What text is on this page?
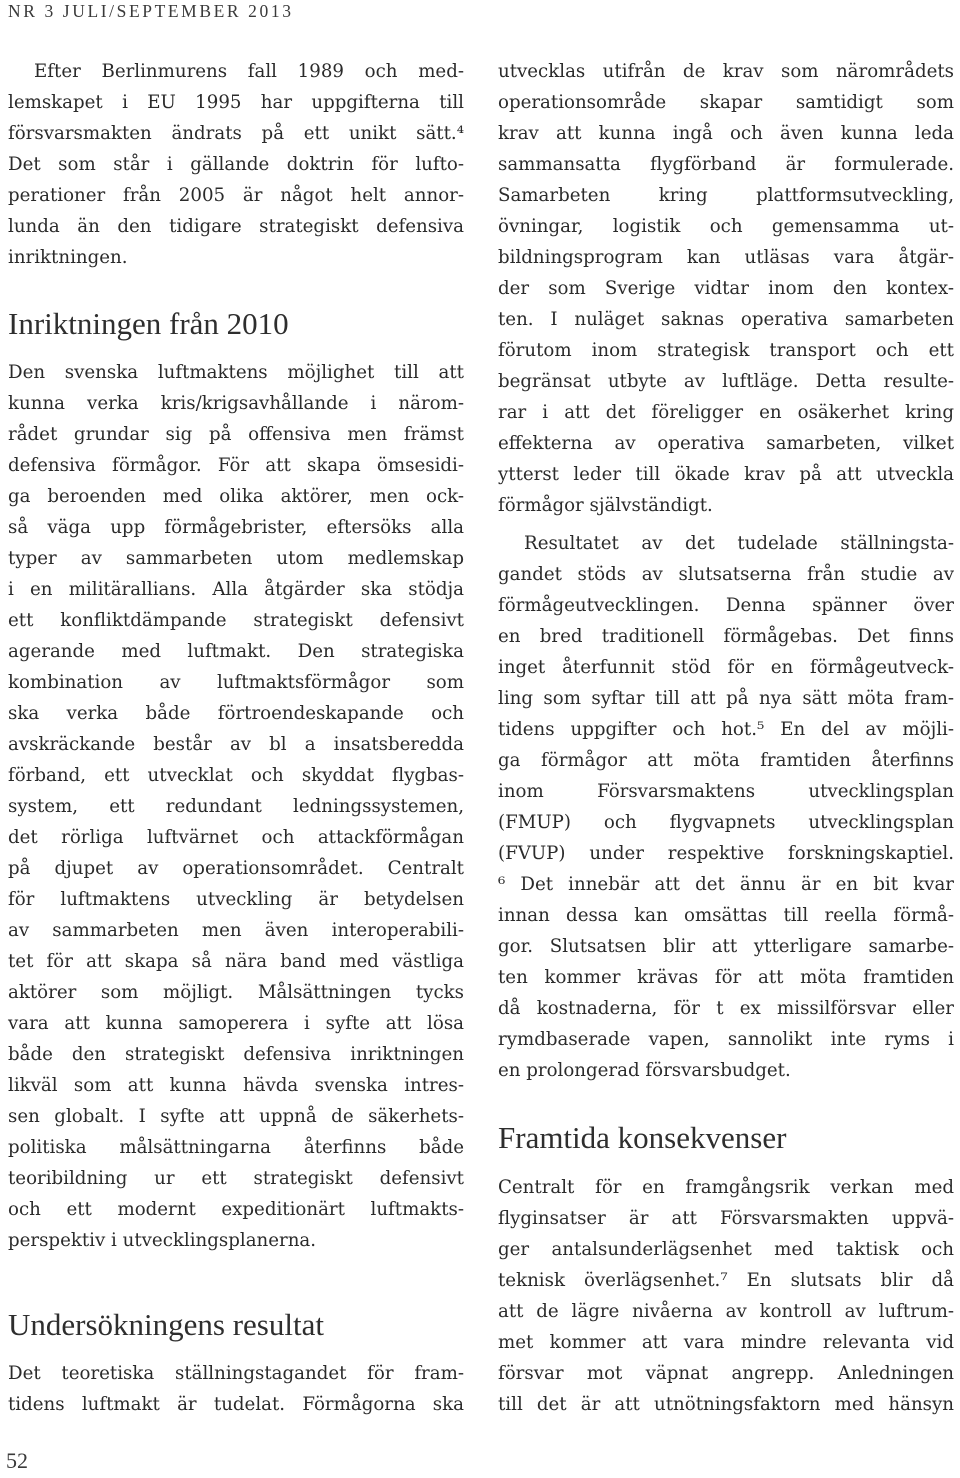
NR 3 JULI/SEPTEMBER 2013
Efter Berlinmurens fall 1989 och med-
lemskapet i EU 1995 har uppgifterna till
försvarsmakten ändrats på ett unikt sätt.⁴
Det som står i gällande doktrin för lufto-
perationer från 2005 är något helt annor-
lunda än den tidigare strategiskt defensiva
inriktningen.
Inriktningen från 2010
Den svenska luftmaktens möjlighet till att
kunna verka kris/krigsavhållande i närom-
rådet grundar sig på offensiva men främst
defensiva förmågor. För att skapa ömsesidi-
ga beroenden med olika aktörer, men ock-
så väga upp förmågebrister, eftersöks alla
typer av sammarbeten utom medlemskap
i en militärallians. Alla åtgärder ska stödja
ett konfliktdämpande strategiskt defensivt
agerande med luftmakt. Den strategiska
kombination av luftmaktsförmågor som
ska verka både förtroendeskapande och
avskräckande består av bl a insatsberedda
förband, ett utvecklat och skyddat flygbas-
system, ett redundant ledningssystemen,
det rörliga luftvärnet och attackförmågan
på djupet av operationsområdet. Centralt
för luftmaktens utveckling är betydelsen
av sammarbeten men även interoperabili-
tet för att skapa så nära band med västliga
aktörer som möjligt. Målsättningen tycks
vara att kunna samoperera i syfte att lösa
både den strategiskt defensiva inriktningen
likväl som att kunna hävda svenska intres-
sen globalt. I syfte att uppnå de säkerhets-
politiska målsättningarna återfinns både
teoribildning ur ett strategiskt defensivt
och ett modernt expeditionärt luftmakts-
perspektiv i utvecklingsplanerna.
Undersökningens resultat
Det teoretiska ställningstagandet för fram-
tidens luftmakt är tudelat. Förmågorna ska
utvecklas utifrån de krav som närområdets
operationsområde skapar samtidigt som
krav att kunna ingå och även kunna leda
sammansatta flygförband är formulerade.
Samarbeten kring plattformsutveckling,
övningar, logistik och gemensamma ut-
bildningsprogram kan utläsas vara åtgär-
der som Sverige vidtar inom den kontex-
ten. I nuläget saknas operativa samarbeten
förutom inom strategisk transport och ett
begränsat utbyte av luftläge. Detta resulte-
rar i att det föreligger en osäkerhet kring
effekterna av operativa samarbeten, vilket
ytterst leder till ökade krav på att utveckla
förmågor självständigt.
Resultatet av det tudelade ställningsta-
gandet stöds av slutsatserna från studie av
förmågeutvecklingen. Denna spänner över
en bred traditionell förmågebas. Det finns
inget återfunnit stöd för en förmågeutveck-
ling som syftar till att på nya sätt möta fram-
tidens uppgifter och hot.⁵ En del av möjli-
ga förmågor att möta framtiden återfinns
inom Försvarsmaktens utvecklingsplan
(FMUP) och flygvapnets utvecklingsplan
(FVUP) under respektive forskningskaptiel.
⁶ Det innebär att det ännu är en bit kvar
innan dessa kan omsättas till reella förmå-
gor. Slutsatsen blir att ytterligare samarbe-
ten kommer krävas för att möta framtiden
då kostnaderna, för t ex missilförsvar eller
rymdbaserade vapen, sannolikt inte ryms i
en prolongerad försvarsbudget.
Framtida konsekvenser
Centralt för en framgångsrik verkan med
flyginsatser är att Försvarsmakten uppvä-
ger antalsunderlägsenhet med taktisk och
teknisk överlägsenhet.⁷ En slutsats blir då
att de lägre nivåerna av kontroll av luftrum-
met kommer att vara mindre relevanta vid
försvar mot väpnat angrepp. Anledningen
till det är att utnötningsfaktorn med hänsyn
52
